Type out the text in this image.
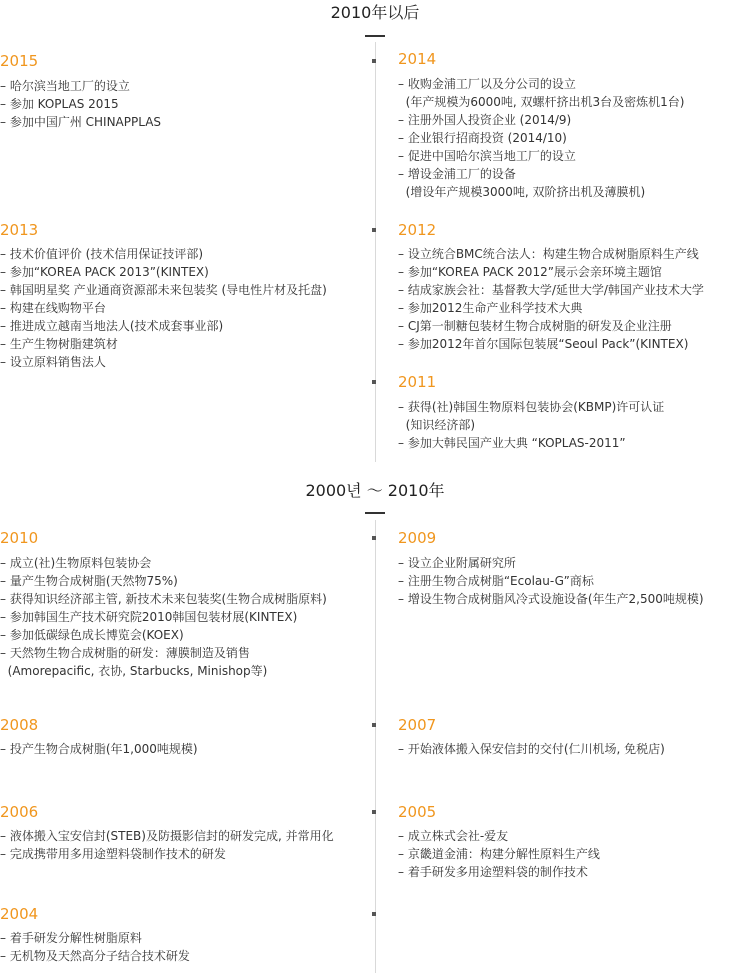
2010年以后
2015
– 哈尔滨当地工厂的设立
– 参加 KOPLAS 2015
– 参加中国广州 CHINAPPLAS
2014
– 收购金浦工厂以及分公司的设立
(年产规模为6000吨, 双螺杆挤出机3台及密炼机1台)
– 注册外国人投资企业 (2014/9)
– 企业银行招商投资 (2014/10)
– 促进中国哈尔滨当地工厂的设立
– 增设金浦工厂的设备
(增设年产规模3000吨, 双阶挤出机及薄膜机)
2013
– 技术价值评价 (技术信用保证技评部)
– 参加“KOREA PACK 2013”(KINTEX)
– 韩国明星奖 产业通商资源部未来包装奖 (导电性片材及托盘)
– 构建在线购物平台
– 推进成立越南当地法人(技术成套事业部)
– 生产生物树脂建筑材
– 设立原料销售法人
2012
– 设立统合BMC统合法人：构建生物合成树脂原料生产线
– 参加“KOREA PACK 2012”展示会亲环境主题馆
– 结成家族会社：基督教大学/延世大学/韩国产业技术大学
– 参加2012生命产业科学技术大典
– CJ第一制糖包装材生物合成树脂的研发及企业注册
– 参加2012年首尔国际包装展“Seoul Pack”(KINTEX)
2011
– 获得(社)韩国生物原料包装协会(KBMP)许可认证
(知识经济部)
– 参加大韩民国产业大典 “KOPLAS-2011”
2000년 ～ 2010年
2010
– 成立(社)生物原料包装协会
– 量产生物合成树脂(天然物75%)
– 获得知识经济部主管, 新技术未来包装奖(生物合成树脂原料)
– 参加韩国生产技术研究院2010韩国包装材展(KINTEX)
– 参加低碳绿色成长博览会(KOEX)
– 天然物生物合成树脂的研发：薄膜制造及销售
(Amorepacific, 衣协, Starbucks, Minishop等)
2009
– 设立企业附属研究所
– 注册生物合成树脂“Ecolau-G”商标
– 增设生物合成树脂风冷式设施设备(年生产2,500吨规模)
2008
– 投产生物合成树脂(年1,000吨规模)
2007
– 开始液体搬入保安信封的交付(仁川机场, 免税店)
2006
– 液体搬入宝安信封(STEB)及防摄影信封的研发完成, 并常用化
– 完成携带用多用途塑料袋制作技术的研发
2005
– 成立株式会社-爱友
– 京畿道金浦：构建分解性原料生产线
– 着手研发多用途塑料袋的制作技术
2004
– 着手研发分解性树脂原料
– 无机物及天然高分子结合技术研发
